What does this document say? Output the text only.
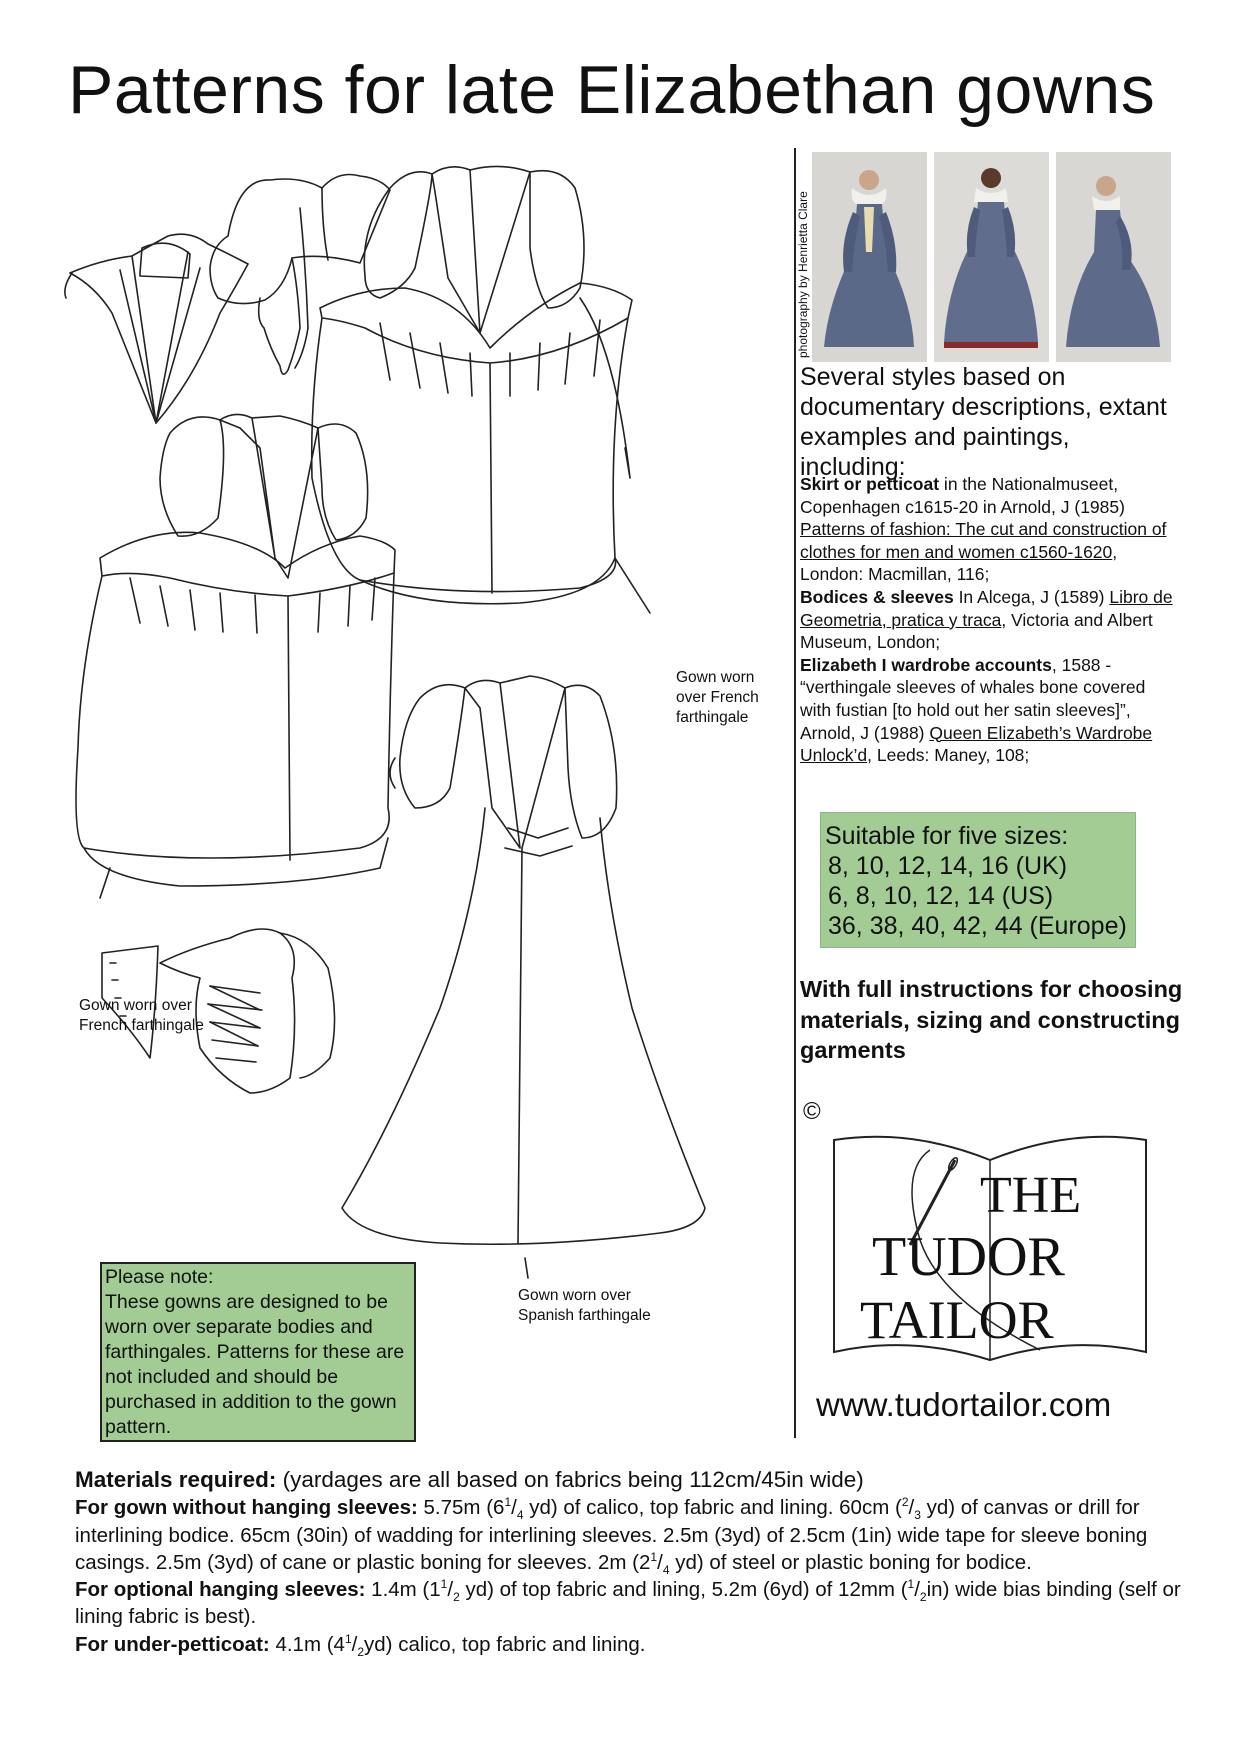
Patterns for late Elizabethan gowns
photography by Henrietta Clare
Several styles based on documentary descriptions, extant examples and paintings, including:
Skirt or petticoat in the Nationalmuseet, Copenhagen c1615-20 in Arnold, J (1985) Patterns of fashion: The cut and construction of clothes for men and women c1560-1620, London: Macmillan, 116;
Bodices & sleeves In Alcega, J (1589) Libro de Geometria, pratica y traca, Victoria and Albert Museum, London;
Elizabeth I wardrobe accounts, 1588 - “verthingale sleeves of whales bone covered with fustian [to hold out her satin sleeves]”, Arnold, J (1988) Queen Elizabeth’s Wardrobe Unlock’d, Leeds: Maney, 108;
Suitable for five sizes:
8, 10, 12, 14, 16 (UK)
6, 8, 10, 12, 14 (US)
36, 38, 40, 42, 44 (Europe)
With full instructions for choosing materials, sizing and constructing garments
©
THE
TUDOR
TAILOR
www.tudortailor.com
Please note:
These gowns are designed to be worn over separate bodies and farthingales. Patterns for these are not included and should be purchased in addition to the gown pattern.
Gown worn
over French
farthingale
Gown worn over
French farthingale
Gown worn over
Spanish farthingale
Materials required: (yardages are all based on fabrics being 112cm/45in wide)
For gown without hanging sleeves: 5.75m ($6^1/_4$ yd) of calico, top fabric and lining. 60cm ($^2/_3$ yd) of canvas or drill for interlining bodice. 65cm (30in) of wadding for interlining sleeves. 2.5m (3yd) of 2.5cm (1in) wide tape for sleeve boning casings. 2.5m (3yd) of cane or plastic boning for sleeves. 2m ($2^1/_4$ yd) of steel or plastic boning for bodice.
For optional hanging sleeves: 1.4m ($1^1/_2$ yd) of top fabric and lining, 5.2m (6yd) of 12mm $(^1/_2in)$ wide bias binding (self or lining fabric is best).
For under-petticoat: 4.1m $(4^1/_2yd)$ calico, top fabric and lining.
